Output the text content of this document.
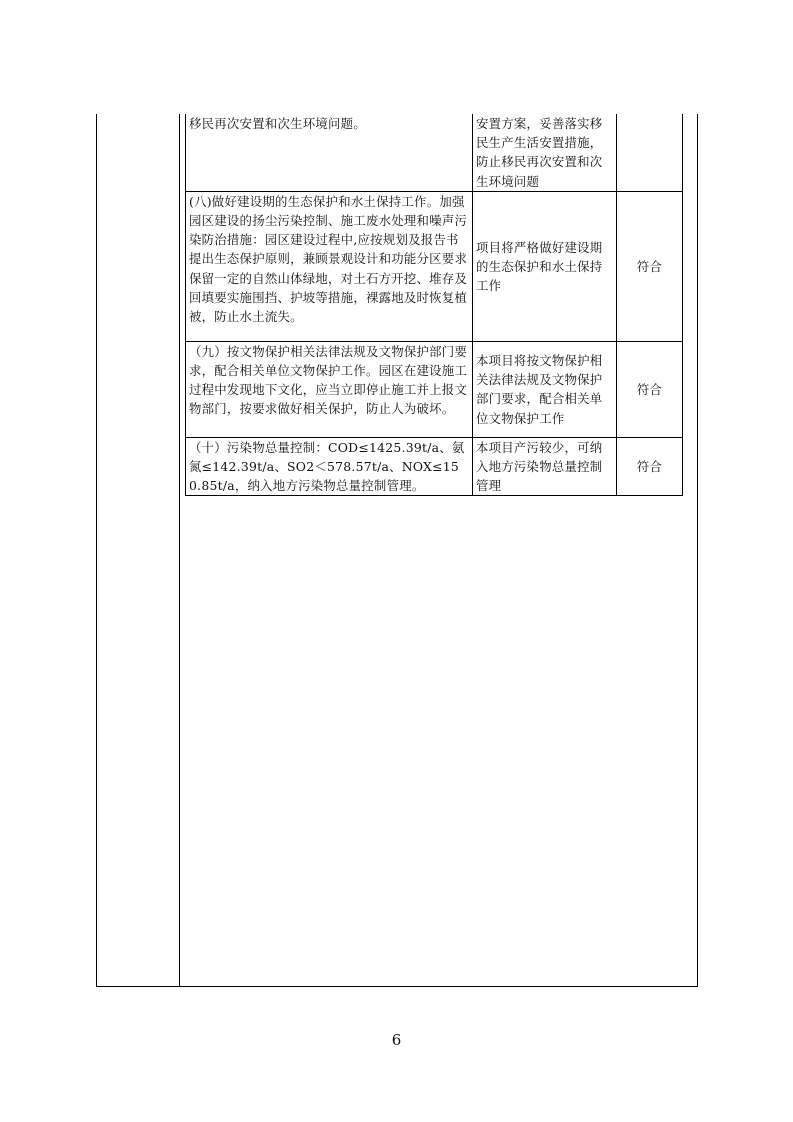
移民再次安置和次生环境问题。	安置方案，妥善落实移民生产生活安置措施，防止移民再次安置和次生环境问题	
(八)做好建设期的生态保护和水土保持工作。加强园区建设的扬尘污染控制、施工废水处理和噪声污染防治措施：园区建设过程中,应按规划及报告书提出生态保护原则，兼顾景观设计和功能分区要求保留一定的自然山体绿地，对土石方开挖、堆存及回填要实施围挡、护坡等措施，裸露地及时恢复植被，防止水土流失。	项目将严格做好建设期的生态保护和水土保持工作	符合
（九）按文物保护相关法律法规及文物保护部门要求，配合相关单位文物保护工作。园区在建设施工过程中发现地下文化，应当立即停止施工并上报文物部门，按要求做好相关保护，防止人为破坏。	本项目将按文物保护相关法律法规及文物保护部门要求，配合相关单位文物保护工作	符合
（十）污染物总量控制：COD≤1425.39t/a、氨氮≤142.39t/a、SO2＜578.57t/a、NOX≤150.85t/a，纳入地方污染物总量控制管理。	本项目产污较少，可纳入地方污染物总量控制管理	符合
6
